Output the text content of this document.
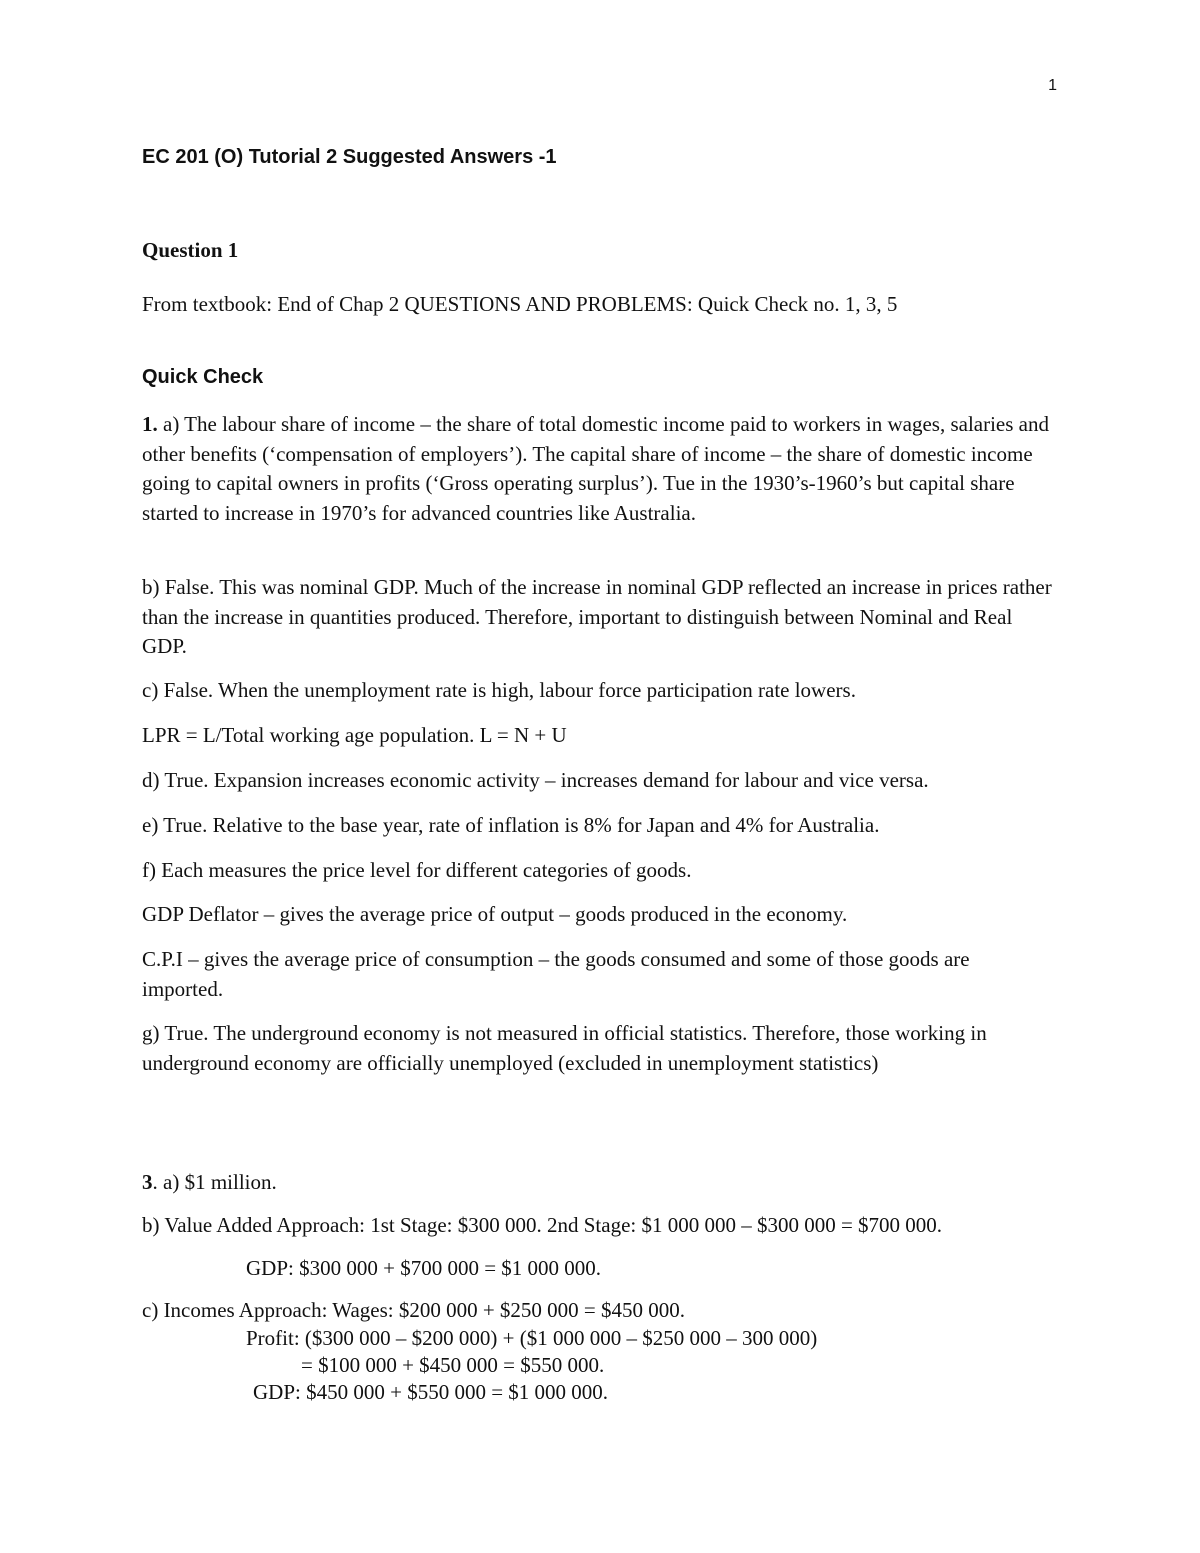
1
EC 201 (O) Tutorial 2 Suggested Answers -1
Question 1
From textbook: End of Chap 2 QUESTIONS AND PROBLEMS: Quick Check no. 1, 3, 5
Quick Check

1. a) The labour share of income – the share of total domestic income paid to workers in wages, salaries and other benefits (‘compensation of employers’). The capital share of income – the share of domestic income going to capital owners in profits (‘Gross operating surplus’). Tue in the 1930’s-1960’s but capital share started to increase in 1970’s for advanced countries like Australia.

b) False. This was nominal GDP. Much of the increase in nominal GDP reflected an increase in prices rather than the increase in quantities produced. Therefore, important to distinguish between Nominal and Real GDP.

c) False. When the unemployment rate is high, labour force participation rate lowers.

LPR = L/Total working age population. L = N + U

d) True. Expansion increases economic activity – increases demand for labour and vice versa.

e) True. Relative to the base year, rate of inflation is 8% for Japan and 4% for Australia.

f) Each measures the price level for different categories of goods.

GDP Deflator – gives the average price of output – goods produced in the economy.

C.P.I – gives the average price of consumption – the goods consumed and some of those goods are imported.

g) True. The underground economy is not measured in official statistics. Therefore, those working in underground economy are officially unemployed (excluded in unemployment statistics)

3. a) $1 million.

b) Value Added Approach: 1st Stage: $300 000. 2nd Stage: $1 000 000 – $300 000 = $700 000.

GDP: $300 000 + $700 000 = $1 000 000.
c) Incomes Approach: Wages: $200 000 + $250 000 = $450 000.
Profit: ($300 000 – $200 000) + ($1 000 000 – $250 000 – 300 000)
= $100 000 + $450 000 = $550 000.
GDP: $450 000 + $550 000 = $1 000 000.
